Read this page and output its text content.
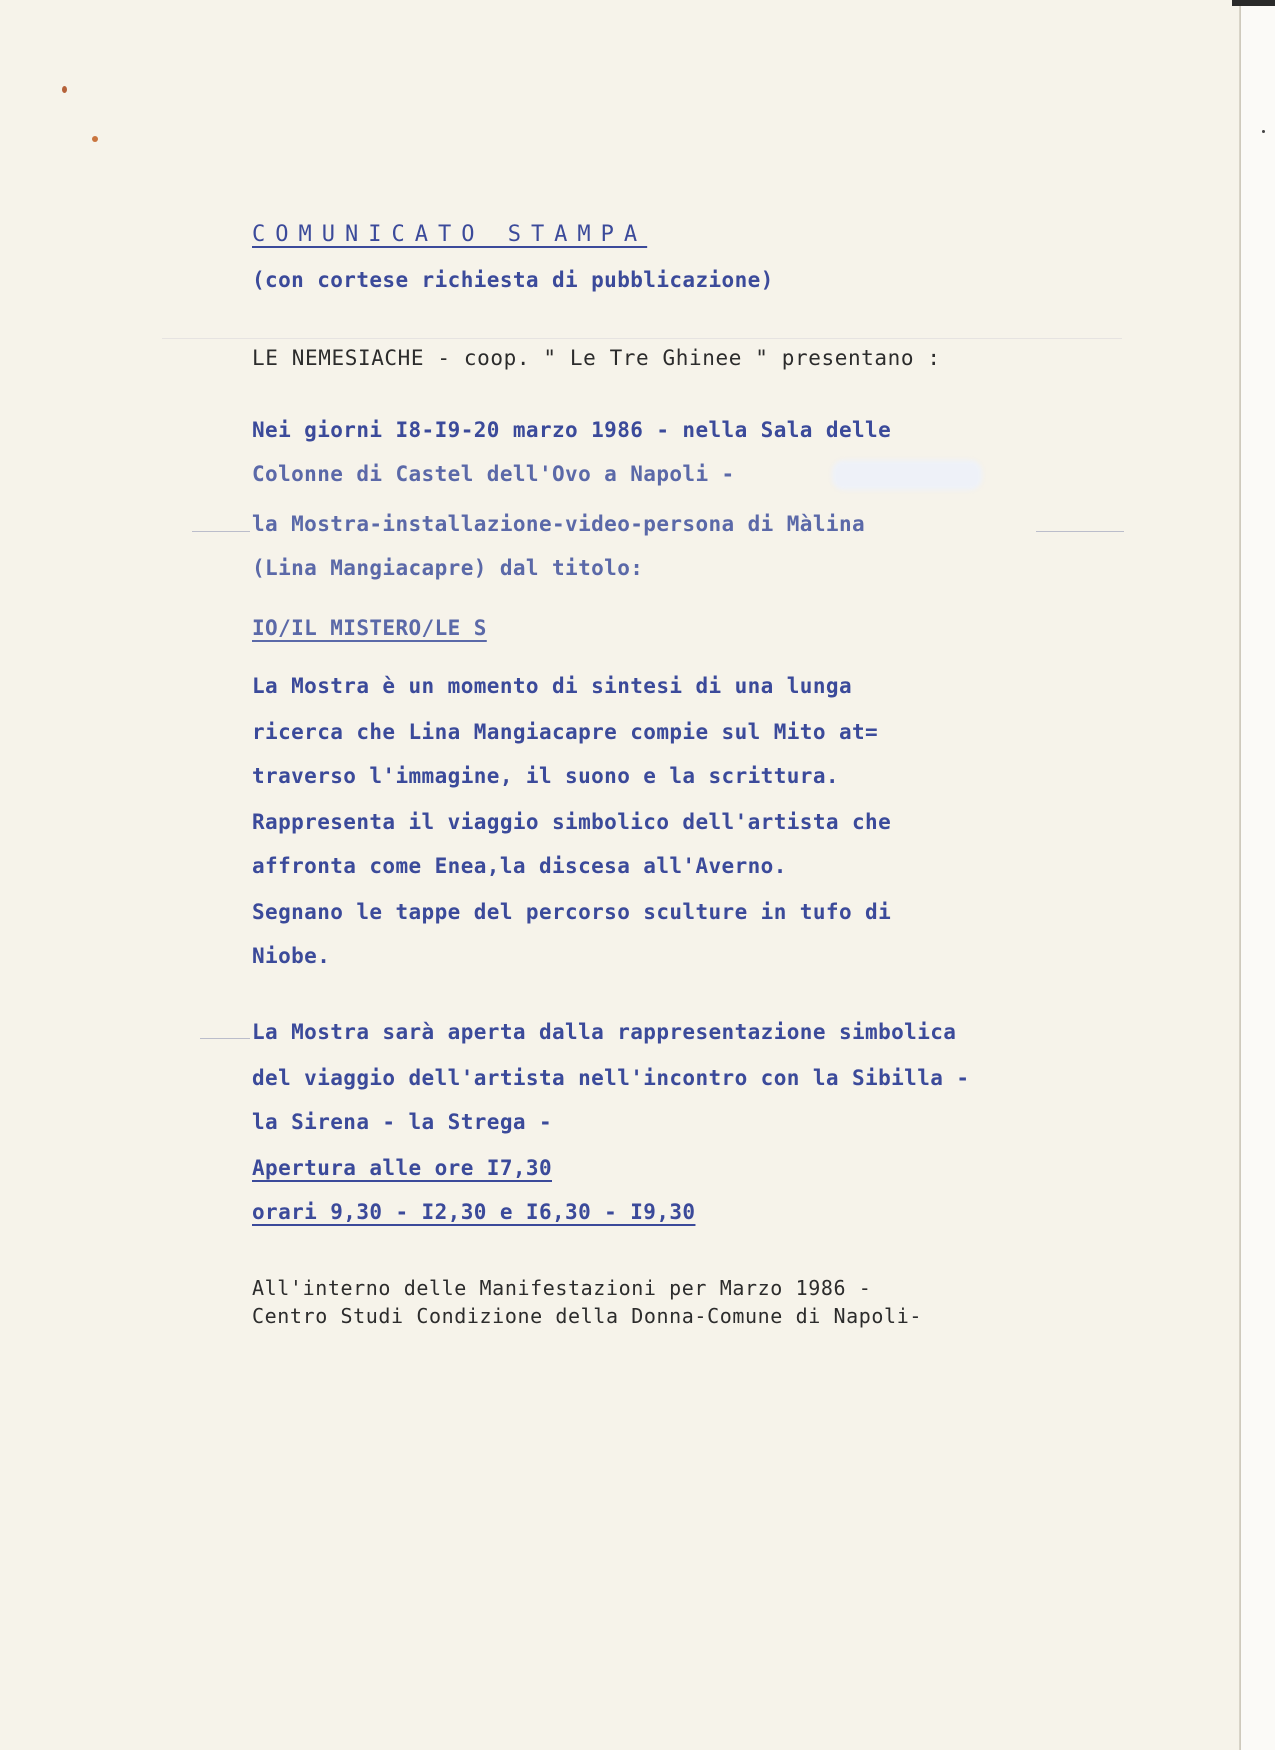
COMUNICATO STAMPA
(con cortese richiesta di pubblicazione)
LE NEMESIACHE - coop. " Le Tre Ghinee " presentano :
Nei giorni I8-I9-20 marzo 1986 - nella Sala delle
Colonne di Castel dell'Ovo a Napoli -
la Mostra-installazione-video-persona di Màlina
(Lina Mangiacapre) dal titolo:
IO/IL MISTERO/LE S
La Mostra è un momento di sintesi di una lunga
ricerca che Lina Mangiacapre compie sul Mito at=
traverso l'immagine, il suono e la scrittura.
Rappresenta il viaggio simbolico dell'artista che
affronta come Enea,la discesa all'Averno.
Segnano le tappe del percorso sculture in tufo di
Niobe.
La Mostra sarà aperta dalla rappresentazione simbolica
del viaggio dell'artista nell'incontro con la Sibilla -
la Sirena - la Strega -
Apertura alle ore I7,30
orari 9,30 - I2,30 e I6,30 - I9,30
All'interno delle Manifestazioni per Marzo 1986 -
Centro Studi Condizione della Donna-Comune di Napoli-
